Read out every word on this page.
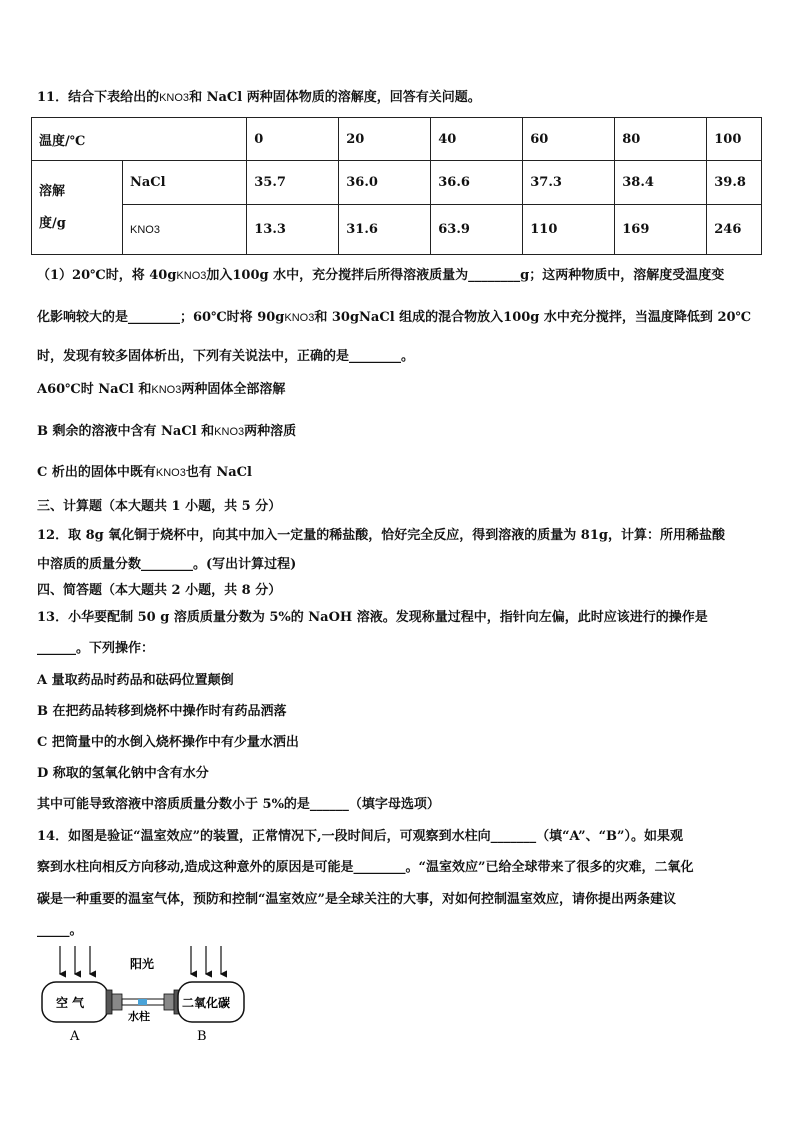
11．结合下表给出的KNO3和 NaCl 两种固体物质的溶解度，回答有关问题。
温度/℃		0	20	40	60	80	100

溶解
度/g	NaCl	35.7	36.0	36.6	37.3	38.4	39.8
	KNO3	13.3	31.6	63.9	110	169	246
（1）20℃时，将 40gKNO3加入100g 水中，充分搅拌后所得溶液质量为________g；这两种物质中，溶解度受温度变
化影响较大的是________；60℃时将 90gKNO3和 30gNaCl 组成的混合物放入100g 水中充分搅拌，当温度降低到 20℃
时，发现有较多固体析出，下列有关说法中，正确的是________。
A60℃时 NaCl 和KNO3两种固体全部溶解
B 剩余的溶液中含有 NaCl 和KNO3两种溶质
C 析出的固体中既有KNO3也有 NaCl
三、计算题（本大题共 1 小题，共 5 分）
12．取 8g 氧化铜于烧杯中，向其中加入一定量的稀盐酸，恰好完全反应，得到溶液的质量为 81g，计算：所用稀盐酸
中溶质的质量分数________。(写出计算过程)
四、简答题（本大题共 2 小题，共 8 分）
13．小华要配制 50 g 溶质质量分数为 5%的 NaOH 溶液。发现称量过程中，指针向左偏，此时应该进行的操作是
______。下列操作：
A 量取药品时药品和砝码位置颠倒
B 在把药品转移到烧杯中操作时有药品洒落
C 把筒量中的水倒入烧杯操作中有少量水洒出
D 称取的氢氧化钠中含有水分
其中可能导致溶液中溶质质量分数小于 5%的是______（填字母选项）
14．如图是验证“温室效应”的装置，正常情况下,一段时间后，可观察到水柱向_______（填“A”、“B”）。如果观
察到水柱向相反方向移动,造成这种意外的原因是可能是________。“温室效应”已给全球带来了很多的灾难，二氧化
碳是一种重要的温室气体，预防和控制“温室效应”是全球关注的大事，对如何控制温室效应，请你提出两条建议
_____。
阳光
空 气	二氧化碳
水柱
A	B
